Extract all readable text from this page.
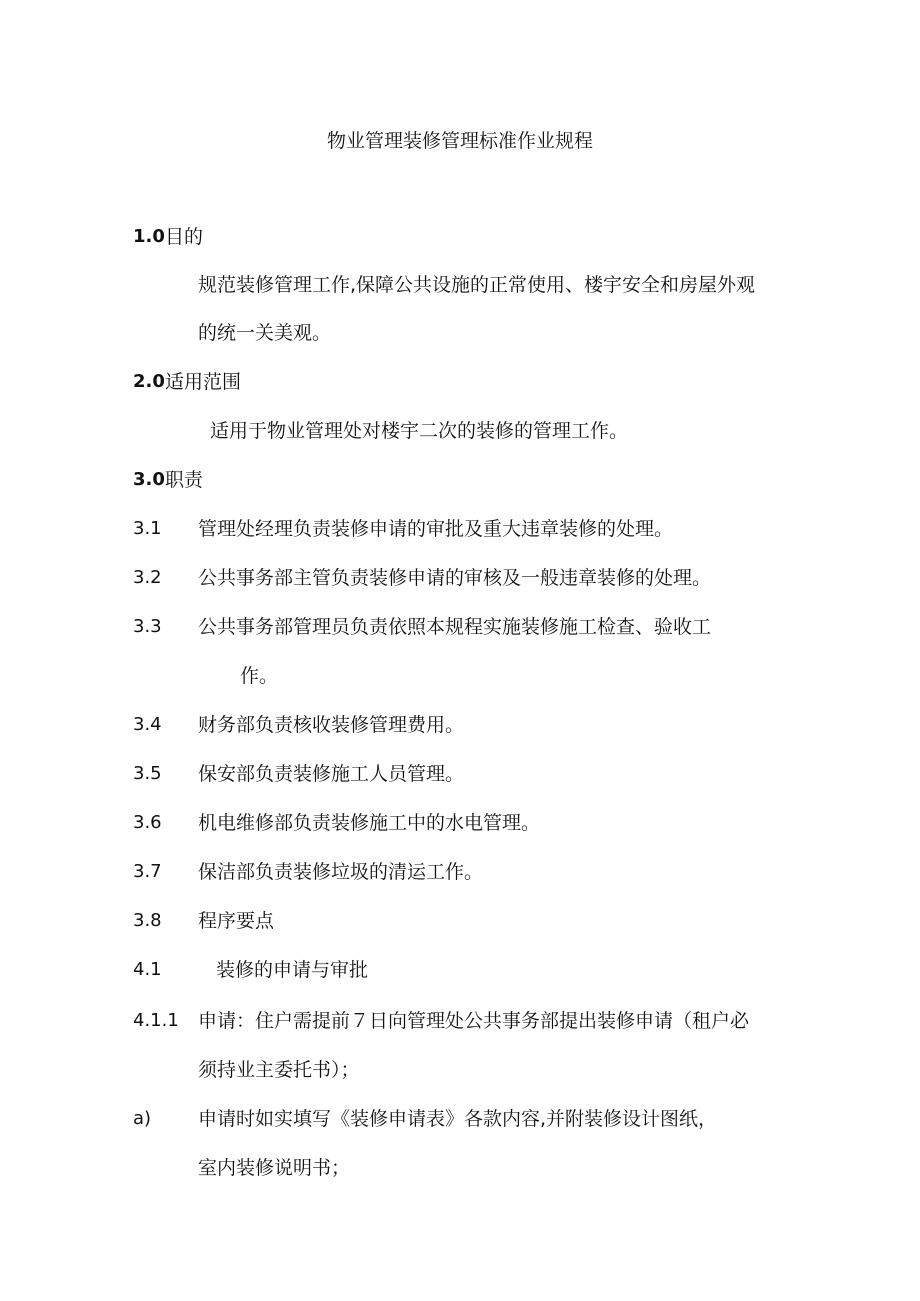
物业管理装修管理标准作业规程
1.0 目的
规范装修管理工作,保障公共设施的正常使用、楼宇安全和房屋外观
的统一关美观。
2.0 适用范围
适用于物业管理处对楼宇二次的装修的管理工作。
3.0 职责
3.1 管理处经理负责装修申请的审批及重大违章装修的处理。
3.2 公共事务部主管负责装修申请的审核及一般违章装修的处理。
3.3 公共事务部管理员负责依照本规程实施装修施工检查、验收工
作。
3.4 财务部负责核收装修管理费用。
3.5 保安部负责装修施工人员管理。
3.6 机电维修部负责装修施工中的水电管理。
3.7 保洁部负责装修垃圾的清运工作。
3.8 程序要点
4.1	装修的申请与审批
4.1.1 申请：住户需提前７日向管理处公共事务部提出装修申请（租户必
须持业主委托书）；
a) 申请时如实填写《装修申请表》各款内容,并附装修设计图纸，
室内装修说明书；
